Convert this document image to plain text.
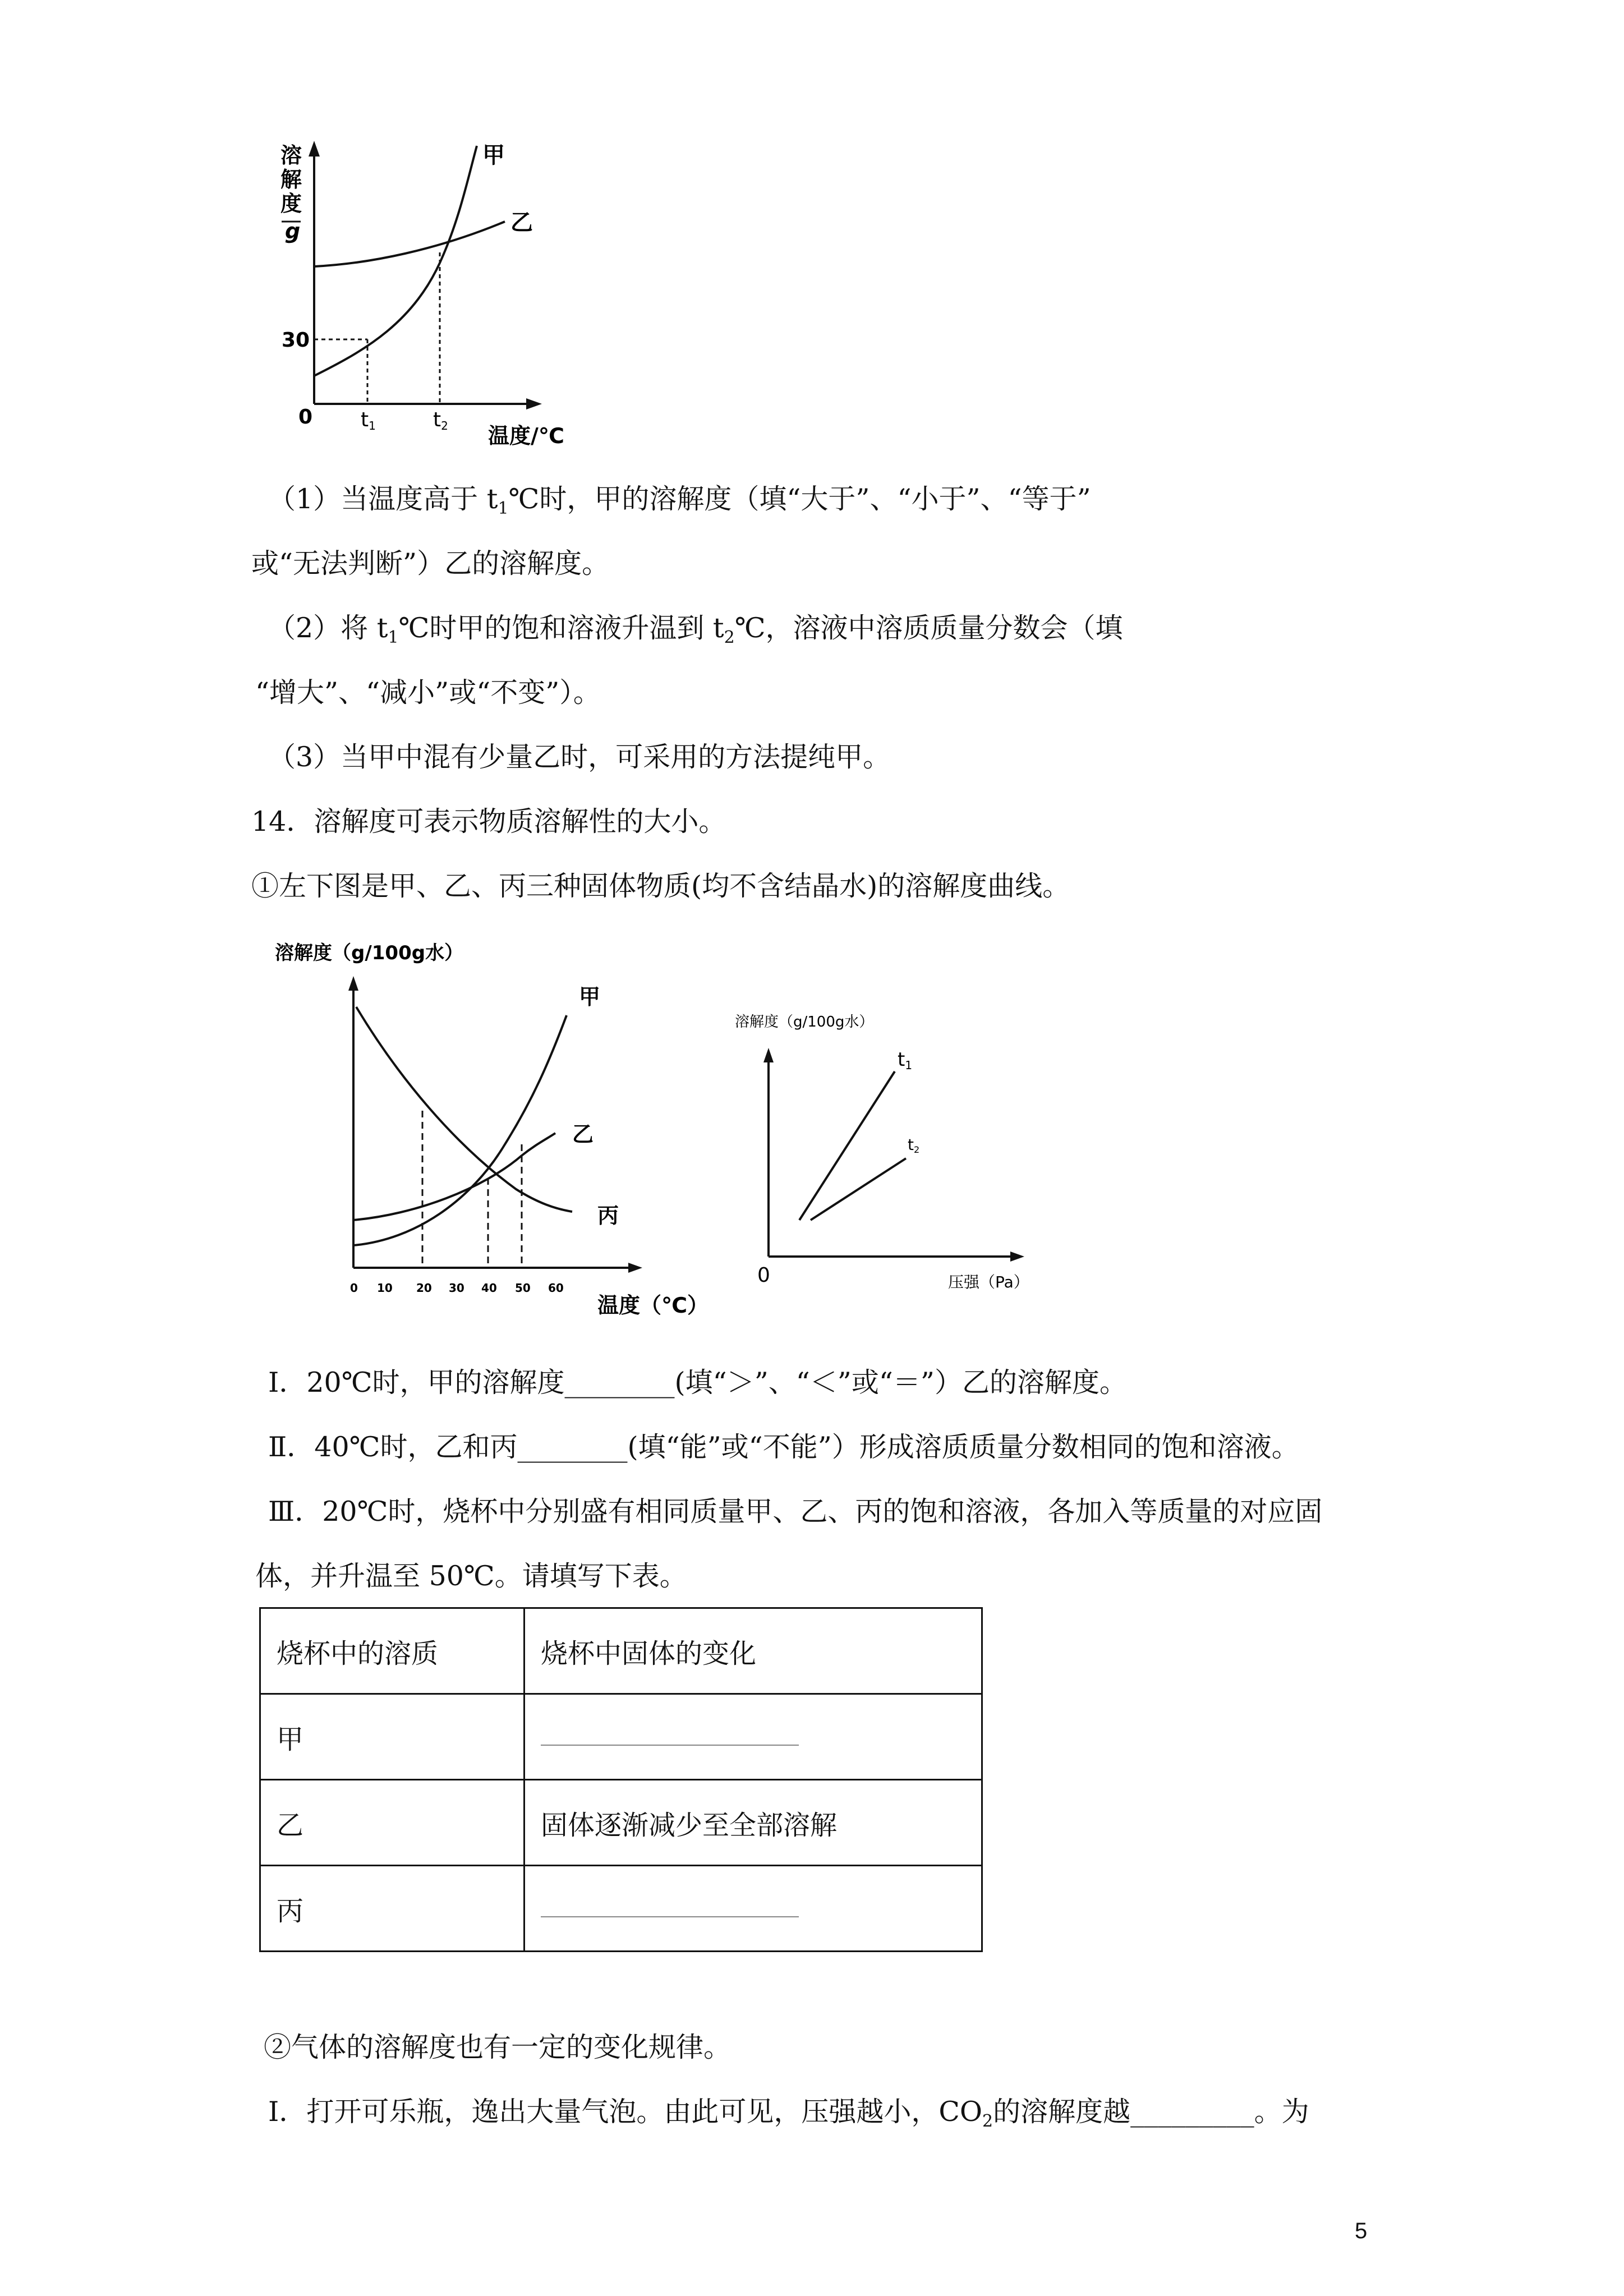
溶
解
度
g
30
0 t1	t2 温度/℃
甲
乙
（1）当温度高于 $t_1℃$时，甲的溶解度（填“大于”、“小于”、“等于”
或“无法判断”）乙的溶解度。
（2）将 $t_1℃$时甲的饱和溶液升温到 $t_2℃$，溶液中溶质质量分数会（填
“增大”、“减小”或“不变”）。
（3）当甲中混有少量乙时，可采用的方法提纯甲。
14．溶解度可表示物质溶解性的大小。
①左下图是甲、乙、丙三种固体物质(均不含结晶水)的溶解度曲线。
溶解度（g/100g水）
0 10 20 30 40 50 60
温度（℃）
甲
乙
丙
溶解度（g/100g水）
t1
t2
0	压强（Pa）
Ⅰ．20℃时，甲的溶解度________(填“＞”、“＜”或“＝”）乙的溶解度。
Ⅱ．40℃时，乙和丙________(填“能”或“不能”）形成溶质质量分数相同的饱和溶液。
Ⅲ．20℃时，烧杯中分别盛有相同质量甲、乙、丙的饱和溶液，各加入等质量的对应固
体，并升温至 50℃。请填写下表。
烧杯中的溶质	烧杯中固体的变化
甲	
乙	固体逐渐减少至全部溶解
丙	
②气体的溶解度也有一定的变化规律。
Ⅰ．打开可乐瓶，逸出大量气泡。由此可见，压强越小，$CO_2$的溶解度越_________。为
5
